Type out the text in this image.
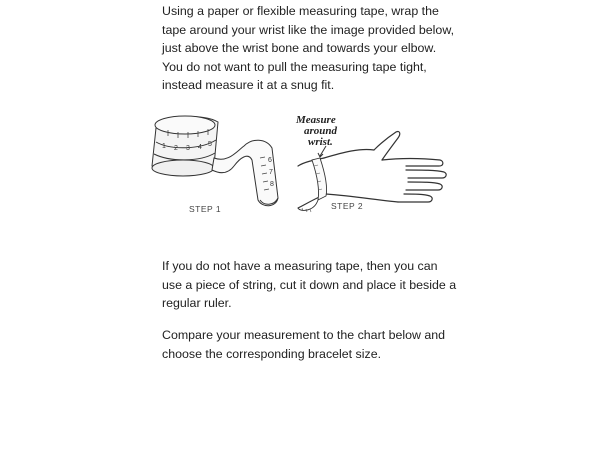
Using a paper or flexible measuring tape, wrap the
tape around your wrist like the image provided below,
just above the wrist bone and towards your elbow.
You do not want to pull the measuring tape tight,
instead measure it at a snug fit.
1 2 3 4 5
6
7
8
STEP 1
Measure
around
wrist.
STEP 2
If you do not have a measuring tape, then you can
use a piece of string, cut it down and place it beside a
regular ruler.
Compare your measurement to the chart below and
choose the corresponding bracelet size.
